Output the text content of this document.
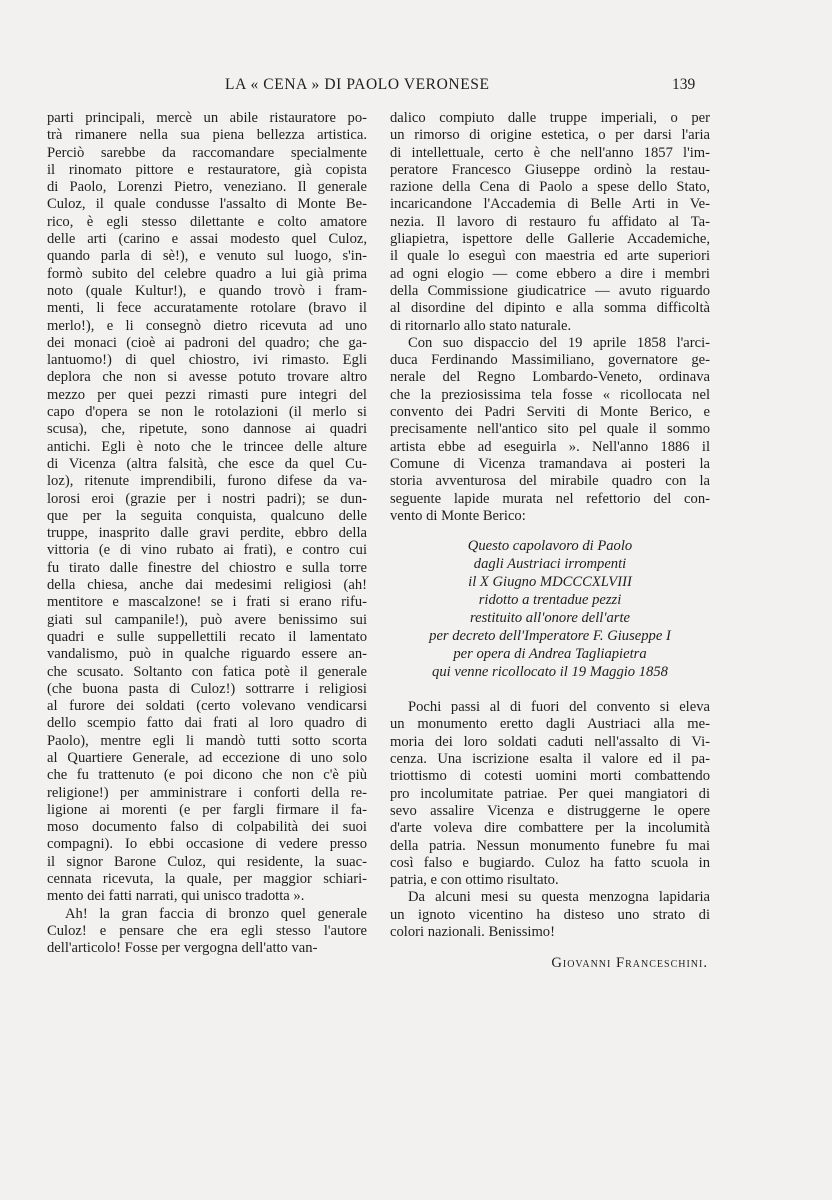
LA « CENA » DI PAOLO VERONESE	139
parti principali, mercè un abile ristauratore po-
trà rimanere nella sua piena bellezza artistica.
Perciò sarebbe da raccomandare specialmente
il rinomato pittore e restauratore, già copista
di Paolo, Lorenzi Pietro, veneziano. Il generale
Culoz, il quale condusse l'assalto di Monte Be-
rico, è egli stesso dilettante e colto amatore
delle arti (carino e assai modesto quel Culoz,
quando parla di sè!), e venuto sul luogo, s'in-
formò subito del celebre quadro a lui già prima
noto (quale Kultur!), e quando trovò i fram-
menti, li fece accuratamente rotolare (bravo il
merlo!), e li consegnò dietro ricevuta ad uno
dei monaci (cioè ai padroni del quadro; che ga-
lantuomo!) di quel chiostro, ivi rimasto. Egli
deplora che non si avesse potuto trovare altro
mezzo per quei pezzi rimasti pure integri del
capo d'opera se non le rotolazioni (il merlo si
scusa), che, ripetute, sono dannose ai quadri
antichi. Egli è noto che le trincee delle alture
di Vicenza (altra falsità, che esce da quel Cu-
loz), ritenute imprendibili, furono difese da va-
lorosi eroi (grazie per i nostri padri); se dun-
que per la seguita conquista, qualcuno delle
truppe, inasprito dalle gravi perdite, ebbro della
vittoria (e di vino rubato ai frati), e contro cui
fu tirato dalle finestre del chiostro e sulla torre
della chiesa, anche dai medesimi religiosi (ah!
mentitore e mascalzone! se i frati si erano rifu-
giati sul campanile!), può avere benissimo sui
quadri e sulle suppellettili recato il lamentato
vandalismo, può in qualche riguardo essere an-
che scusato. Soltanto con fatica potè il generale
(che buona pasta di Culoz!) sottrarre i religiosi
al furore dei soldati (certo volevano vendicarsi
dello scempio fatto dai frati al loro quadro di
Paolo), mentre egli li mandò tutti sotto scorta
al Quartiere Generale, ad eccezione di uno solo
che fu trattenuto (e poi dicono che non c'è più
religione!) per amministrare i conforti della re-
ligione ai morenti (e per fargli firmare il fa-
moso documento falso di colpabilità dei suoi
compagni). Io ebbi occasione di vedere presso
il signor Barone Culoz, qui residente, la suac-
cennata ricevuta, la quale, per maggior schiari-
mento dei fatti narrati, qui unisco tradotta ».
Ah! la gran faccia di bronzo quel generale
Culoz! e pensare che era egli stesso l'autore
dell'articolo! Fosse per vergogna dell'atto van-
dalico compiuto dalle truppe imperiali, o per
un rimorso di origine estetica, o per darsi l'aria
di intellettuale, certo è che nell'anno 1857 l'im-
peratore Francesco Giuseppe ordinò la restau-
razione della Cena di Paolo a spese dello Stato,
incaricandone l'Accademia di Belle Arti in Ve-
nezia. Il lavoro di restauro fu affidato al Ta-
gliapietra, ispettore delle Gallerie Accademiche,
il quale lo eseguì con maestria ed arte superiori
ad ogni elogio — come ebbero a dire i membri
della Commissione giudicatrice — avuto riguardo
al disordine del dipinto e alla somma difficoltà
di ritornarlo allo stato naturale.
Con suo dispaccio del 19 aprile 1858 l'arci-
duca Ferdinando Massimiliano, governatore ge-
nerale del Regno Lombardo-Veneto, ordinava
che la preziosissima tela fosse « ricollocata nel
convento dei Padri Serviti di Monte Berico, e
precisamente nell'antico sito pel quale il sommo
artista ebbe ad eseguirla ». Nell'anno 1886 il
Comune di Vicenza tramandava ai posteri la
storia avventurosa del mirabile quadro con la
seguente lapide murata nel refettorio del con-
vento di Monte Berico:
Questo capolavoro di Paolo
dagli Austriaci irrompenti
il X Giugno MDCCCXLVIII
ridotto a trentadue pezzi
restituito all'onore dell'arte
per decreto dell'Imperatore F. Giuseppe I
per opera di Andrea Tagliapietra
qui venne ricollocato il 19 Maggio 1858
Pochi passi al di fuori del convento si eleva
un monumento eretto dagli Austriaci alla me-
moria dei loro soldati caduti nell'assalto di Vi-
cenza. Una iscrizione esalta il valore ed il pa-
triottismo di cotesti uomini morti combattendo
pro incolumitate patriae. Per quei mangiatori di
sevo assalire Vicenza e distruggerne le opere
d'arte voleva dire combattere per la incolumità
della patria. Nessun monumento funebre fu mai
così falso e bugiardo. Culoz ha fatto scuola in
patria, e con ottimo risultato.
Da alcuni mesi su questa menzogna lapidaria
un ignoto vicentino ha disteso uno strato di
colori nazionali. Benissimo!
Giovanni Franceschini.
